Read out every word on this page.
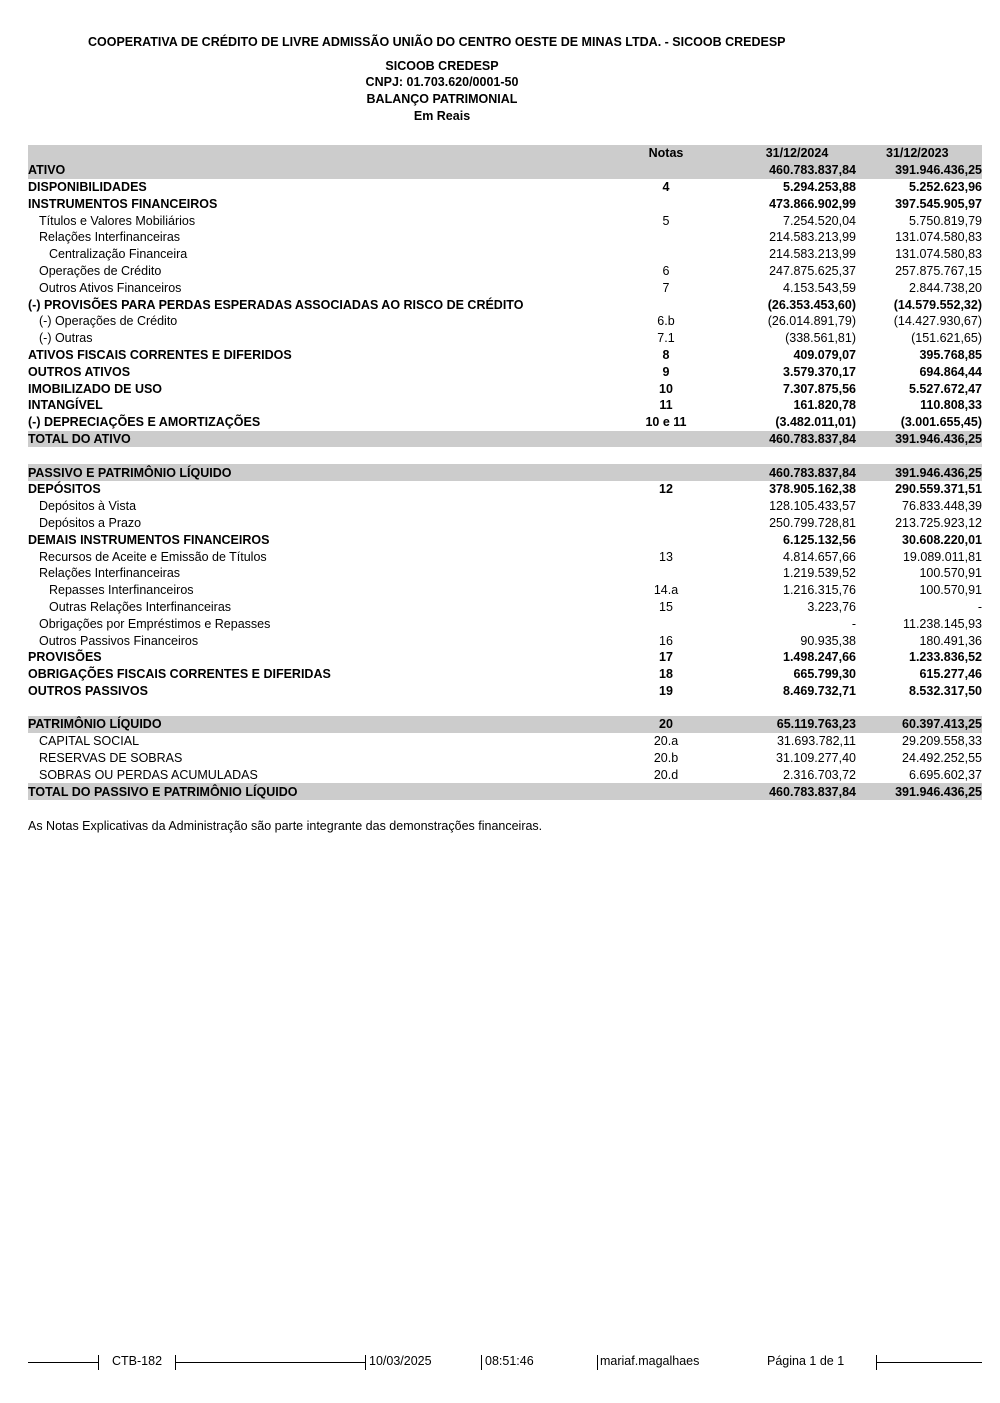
COOPERATIVA DE CRÉDITO DE LIVRE ADMISSÃO UNIÃO DO CENTRO OESTE DE MINAS LTDA. - SICOOB CREDESP
SICOOB CREDESP
CNPJ: 01.703.620/0001-50
BALANÇO PATRIMONIAL
Em Reais
	Notas	31/12/2024	31/12/2023
ATIVO		460.783.837,84	391.946.436,25
DISPONIBILIDADES	4	5.294.253,88	5.252.623,96
INSTRUMENTOS FINANCEIROS		473.866.902,99	397.545.905,97
Títulos e Valores Mobiliários	5	7.254.520,04	5.750.819,79
Relações Interfinanceiras		214.583.213,99	131.074.580,83
Centralização Financeira		214.583.213,99	131.074.580,83
Operações de Crédito	6	247.875.625,37	257.875.767,15
Outros Ativos Financeiros	7	4.153.543,59	2.844.738,20
(-) PROVISÕES PARA PERDAS ESPERADAS ASSOCIADAS AO RISCO DE CRÉDITO		(26.353.453,60)	(14.579.552,32)
(-) Operações de Crédito	6.b	(26.014.891,79)	(14.427.930,67)
(-) Outras	7.1	(338.561,81)	(151.621,65)
ATIVOS FISCAIS CORRENTES E DIFERIDOS	8	409.079,07	395.768,85
OUTROS ATIVOS	9	3.579.370,17	694.864,44
IMOBILIZADO DE USO	10	7.307.875,56	5.527.672,47
INTANGÍVEL	11	161.820,78	110.808,33
(-) DEPRECIAÇÕES E AMORTIZAÇÕES	10 e 11	(3.482.011,01)	(3.001.655,45)
TOTAL DO ATIVO		460.783.837,84	391.946.436,25

PASSIVO E PATRIMÔNIO LÍQUIDO		460.783.837,84	391.946.436,25
DEPÓSITOS	12	378.905.162,38	290.559.371,51
Depósitos à Vista		128.105.433,57	76.833.448,39
Depósitos a Prazo		250.799.728,81	213.725.923,12
DEMAIS INSTRUMENTOS FINANCEIROS		6.125.132,56	30.608.220,01
Recursos de Aceite e Emissão de Títulos	13	4.814.657,66	19.089.011,81
Relações Interfinanceiras		1.219.539,52	100.570,91
Repasses Interfinanceiros	14.a	1.216.315,76	100.570,91
Outras Relações Interfinanceiras	15	3.223,76	-
Obrigações por Empréstimos e Repasses		-	11.238.145,93
Outros Passivos Financeiros	16	90.935,38	180.491,36
PROVISÕES	17	1.498.247,66	1.233.836,52
OBRIGAÇÕES FISCAIS CORRENTES E DIFERIDAS	18	665.799,30	615.277,46
OUTROS PASSIVOS	19	8.469.732,71	8.532.317,50

PATRIMÔNIO LÍQUIDO	20	65.119.763,23	60.397.413,25
CAPITAL SOCIAL	20.a	31.693.782,11	29.209.558,33
RESERVAS DE SOBRAS	20.b	31.109.277,40	24.492.252,55
SOBRAS OU PERDAS ACUMULADAS	20.d	2.316.703,72	6.695.602,37
TOTAL DO PASSIVO E PATRIMÔNIO LÍQUIDO		460.783.837,84	391.946.436,25
As Notas Explicativas da Administração são parte integrante das demonstrações financeiras.
CTB-182	10/03/2025	08:51:46	mariaf.magalhaes	Página 1 de 1
